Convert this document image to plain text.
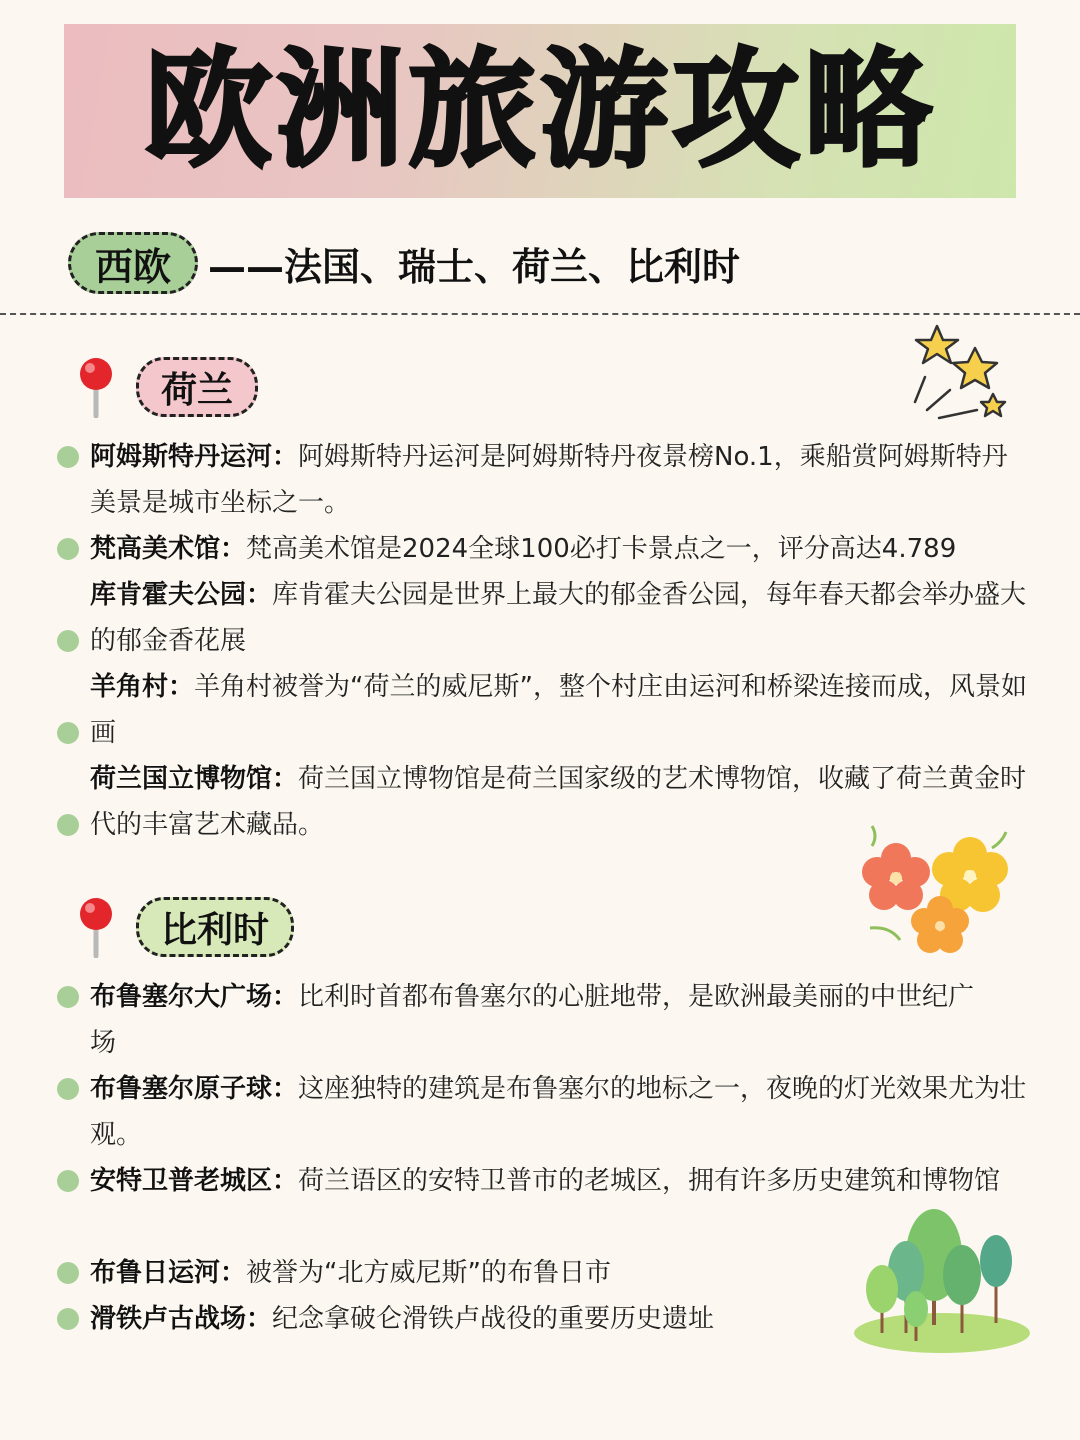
欧洲旅游攻略
西欧 ——法国、瑞士、荷兰、比利时
荷兰
阿姆斯特丹运河：阿姆斯特丹运河是阿姆斯特丹夜景榜No.1，乘船赏阿姆斯特丹美景是城市坐标之一。
梵高美术馆：梵高美术馆是2024全球100必打卡景点之一，评分高达4.789
库肯霍夫公园：库肯霍夫公园是世界上最大的郁金香公园，每年春天都会举办盛大的郁金香花展
羊角村：羊角村被誉为“荷兰的威尼斯”，整个村庄由运河和桥梁连接而成，风景如画
荷兰国立博物馆：荷兰国立博物馆是荷兰国家级的艺术博物馆，收藏了荷兰黄金时代的丰富艺术藏品。
比利时
布鲁塞尔大广场：比利时首都布鲁塞尔的心脏地带，是欧洲最美丽的中世纪广场
布鲁塞尔原子球：这座独特的建筑是布鲁塞尔的地标之一，夜晚的灯光效果尤为壮观。
安特卫普老城区：荷兰语区的安特卫普市的老城区，拥有许多历史建筑和博物馆
布鲁日运河：被誉为“北方威尼斯”的布鲁日市
滑铁卢古战场：纪念拿破仑滑铁卢战役的重要历史遗址
